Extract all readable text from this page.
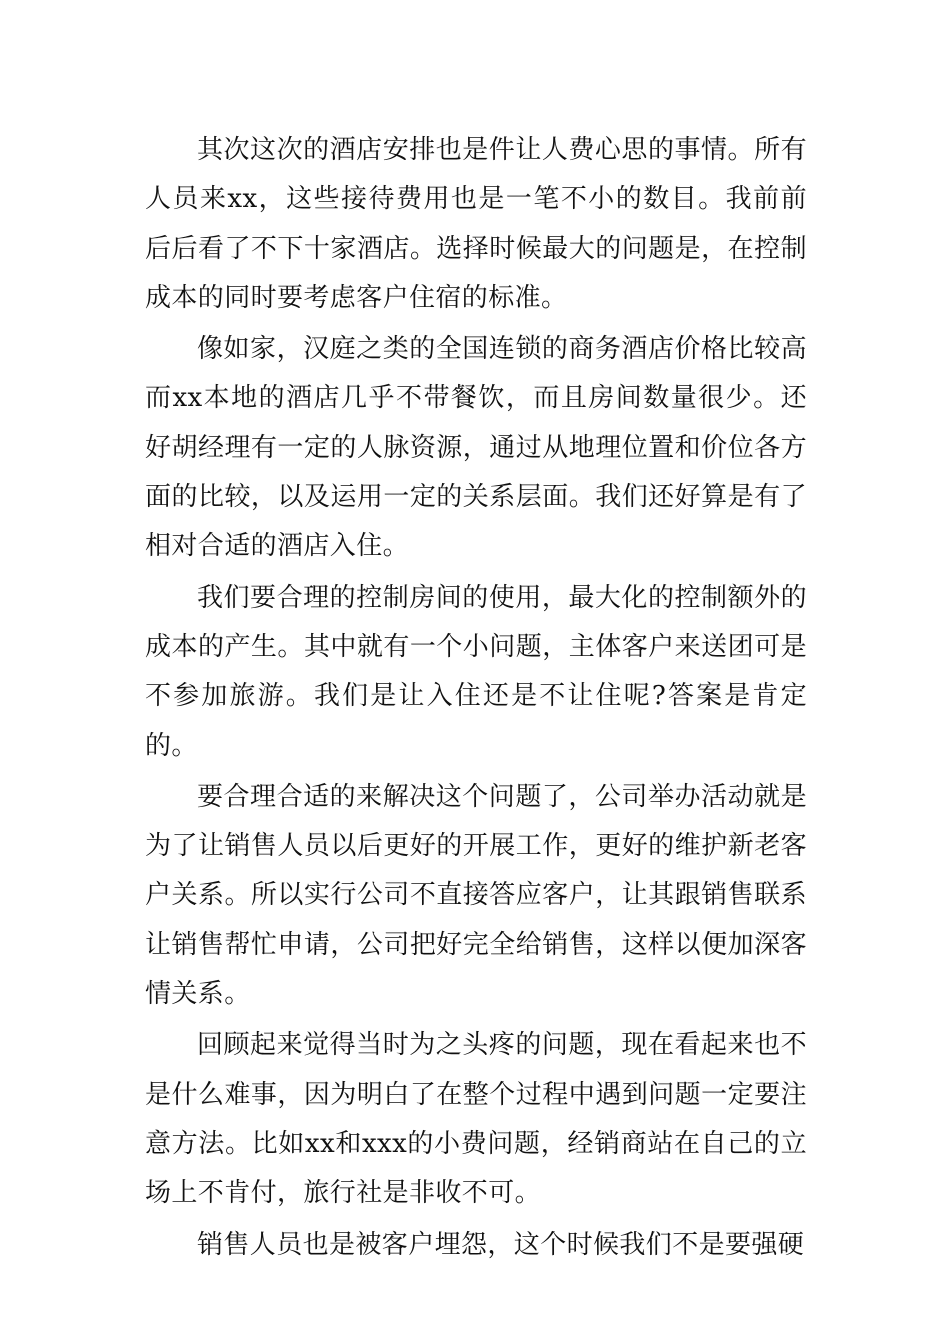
其次这次的酒店安排也是件让人费心思的事情。所有人员来xx，这些接待费用也是一笔不小的数目。我前前后后看了不下十家酒店。选择时候最大的问题是，在控制成本的同时要考虑客户住宿的标准。

像如家，汉庭之类的全国连锁的商务酒店价格比较高而xx本地的酒店几乎不带餐饮，而且房间数量很少。还好胡经理有一定的人脉资源，通过从地理位置和价位各方面的比较，以及运用一定的关系层面。我们还好算是有了相对合适的酒店入住。

我们要合理的控制房间的使用，最大化的控制额外的成本的产生。其中就有一个小问题，主体客户来送团可是不参加旅游。我们是让入住还是不让住呢?答案是肯定的。

要合理合适的来解决这个问题了，公司举办活动就是为了让销售人员以后更好的开展工作，更好的维护新老客户关系。所以实行公司不直接答应客户，让其跟销售联系让销售帮忙申请，公司把好完全给销售，这样以便加深客情关系。

回顾起来觉得当时为之头疼的问题，现在看起来也不是什么难事，因为明白了在整个过程中遇到问题一定要注意方法。比如xx和xxx的小费问题，经销商站在自己的立场上不肯付，旅行社是非收不可。

销售人员也是被客户埋怨，这个时候我们不是要强硬
